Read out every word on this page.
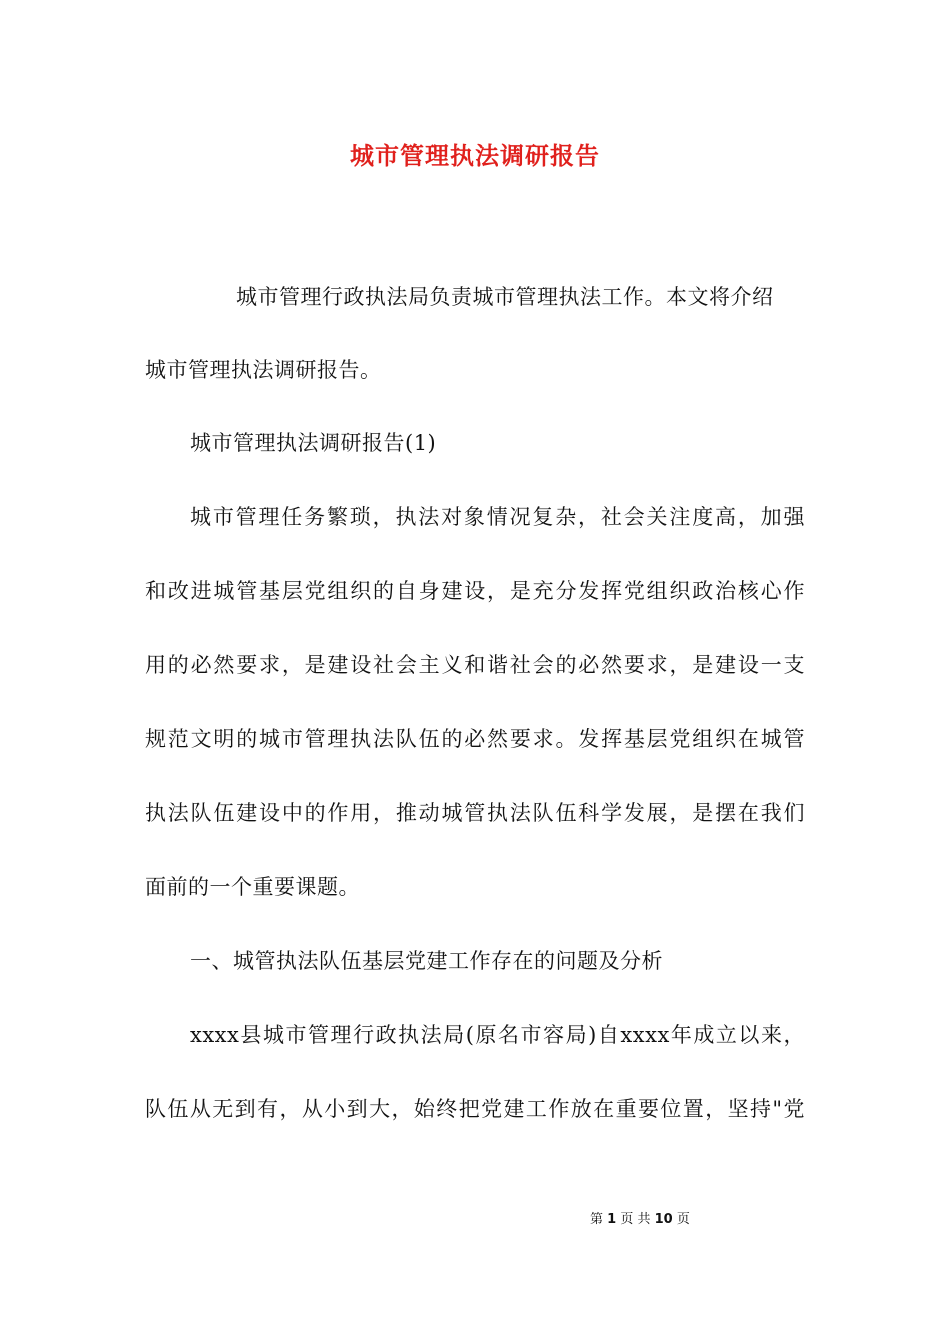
城市管理执法调研报告
城市管理行政执法局负责城市管理执法工作。本文将介绍
城市管理执法调研报告。
城市管理执法调研报告(1)
城市管理任务繁琐，执法对象情况复杂，社会关注度高，加强
和改进城管基层党组织的自身建设，是充分发挥党组织政治核心作
用的必然要求，是建设社会主义和谐社会的必然要求，是建设一支
规范文明的城市管理执法队伍的必然要求。发挥基层党组织在城管
执法队伍建设中的作用，推动城管执法队伍科学发展，是摆在我们
面前的一个重要课题。
一、城管执法队伍基层党建工作存在的问题及分析
xxxx县城市管理行政执法局(原名市容局)自xxxx年成立以来，
队伍从无到有，从小到大，始终把党建工作放在重要位置，坚持"党
第 1 页 共 10 页
